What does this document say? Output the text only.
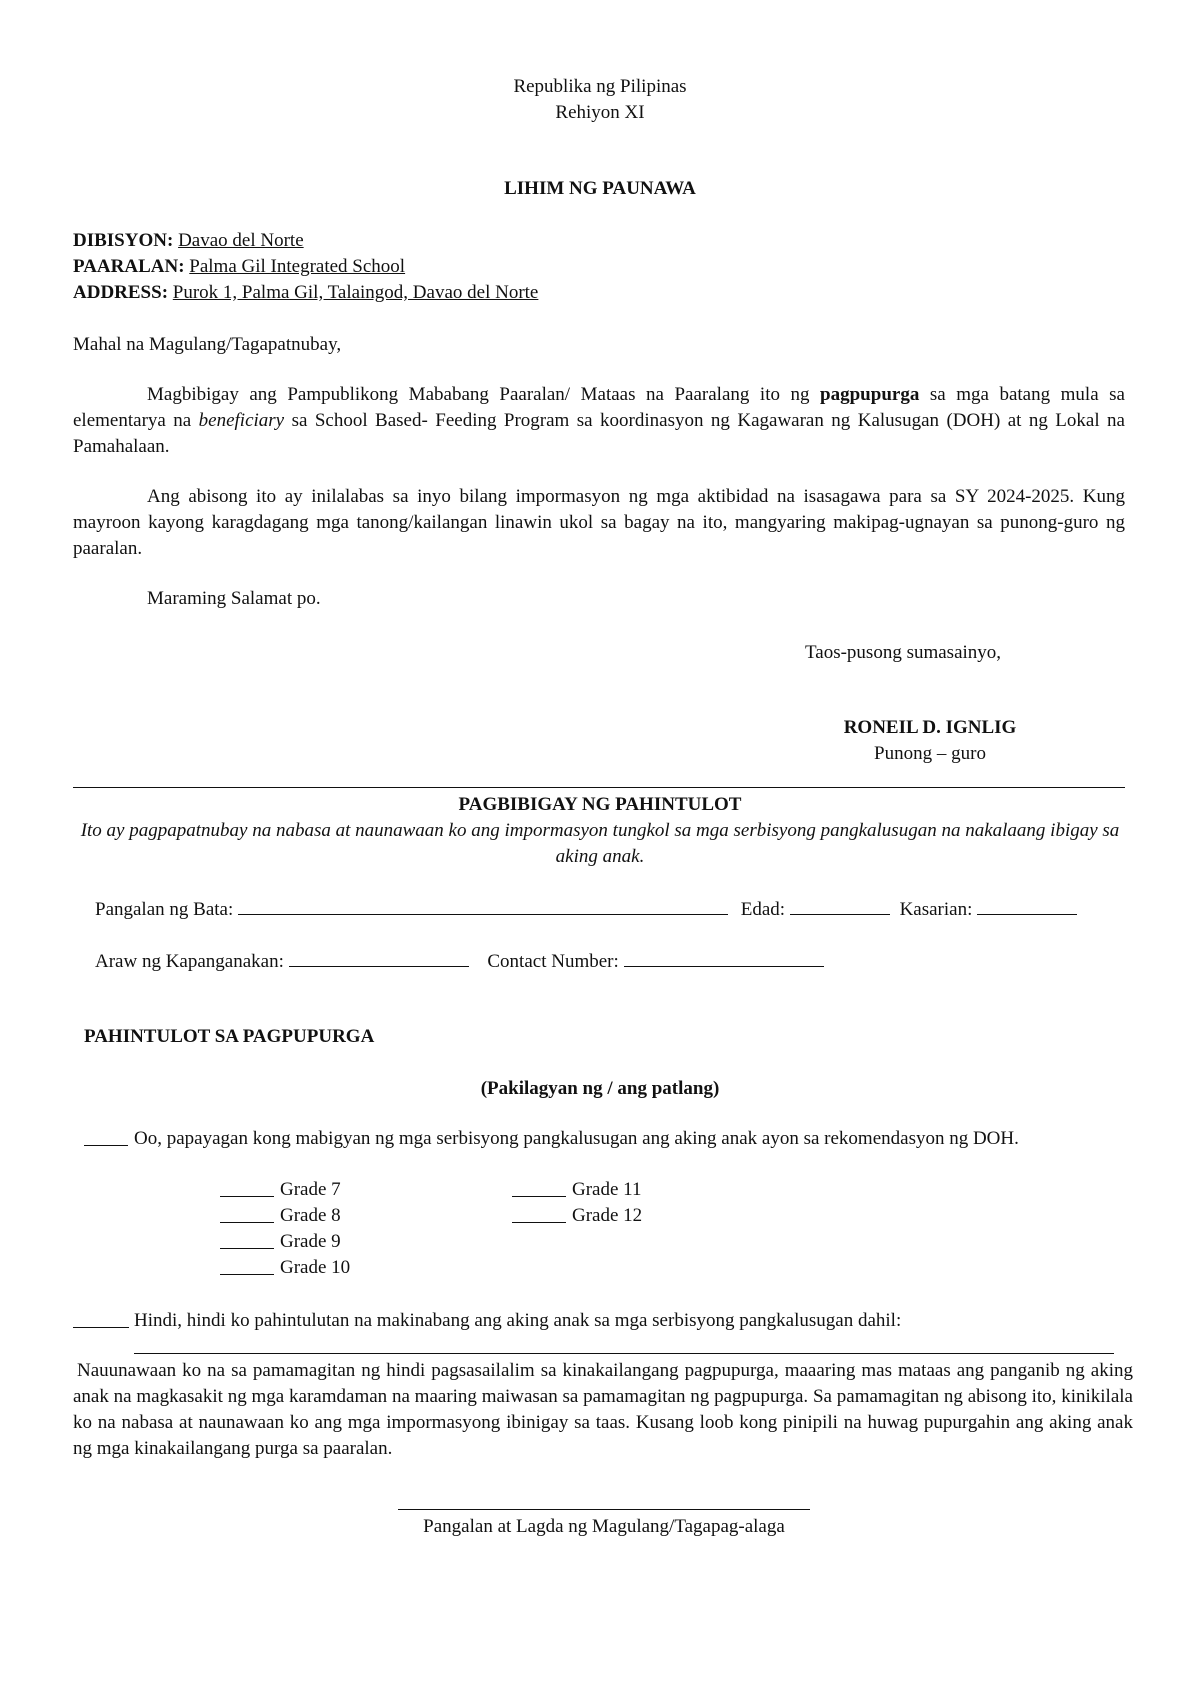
Republika ng Pilipinas
Rehiyon XI
LIHIM NG PAUNAWA
DIBISYON: Davao del Norte
PAARALAN: Palma Gil Integrated School
ADDRESS: Purok 1, Palma Gil, Talaingod, Davao del Norte
Mahal na Magulang/Tagapatnubay,
Magbibigay ang Pampublikong Mababang Paaralan/ Mataas na Paaralang ito ng pagpupurga sa mga batang mula sa elementarya na beneficiary sa School Based- Feeding Program sa koordinasyon ng Kagawaran ng Kalusugan (DOH) at ng Lokal na Pamahalaan.
Ang abisong ito ay inilalabas sa inyo bilang impormasyon ng mga aktibidad na isasagawa para sa SY 2024-2025. Kung mayroon kayong karagdagang mga tanong/kailangan linawin ukol sa bagay na ito, mangyaring makipag-ugnayan sa punong-guro ng paaralan.
Maraming Salamat po.
Taos-pusong sumasainyo,
RONEIL D. IGNLIG
Punong – guro
PAGBIBIGAY NG PAHINTULOT
Ito ay pagpapatnubay na nabasa at naunawaan ko ang impormasyon tungkol sa mga serbisyong pangkalusugan na nakalaang ibigay sa aking anak.
Pangalan ng Bata:	Edad:	Kasarian:
Araw ng Kapanganakan:	Contact Number:
PAHINTULOT SA PAGPUPURGA
(Pakilagyan ng / ang patlang)
Oo, papayagan kong mabigyan ng mga serbisyong pangkalusugan ang aking anak ayon sa rekomendasyon ng DOH.
Grade 7
Grade 8
Grade 9
Grade 10
Grade 11
Grade 12
Hindi, hindi ko pahintulutan na makinabang ang aking anak sa mga serbisyong pangkalusugan dahil:
Nauunawaan ko na sa pamamagitan ng hindi pagsasailalim sa kinakailangang pagpupurga, maaaring mas mataas ang panganib ng aking anak na magkasakit ng mga karamdaman na maaring maiwasan sa pamamagitan ng pagpupurga. Sa pamamagitan ng abisong ito, kinikilala ko na nabasa at naunawaan ko ang mga impormasyong ibinigay sa taas. Kusang loob kong pinipili na huwag pupurgahin ang aking anak ng mga kinakailangang purga sa paaralan.
Pangalan at Lagda ng Magulang/Tagapag-alaga
